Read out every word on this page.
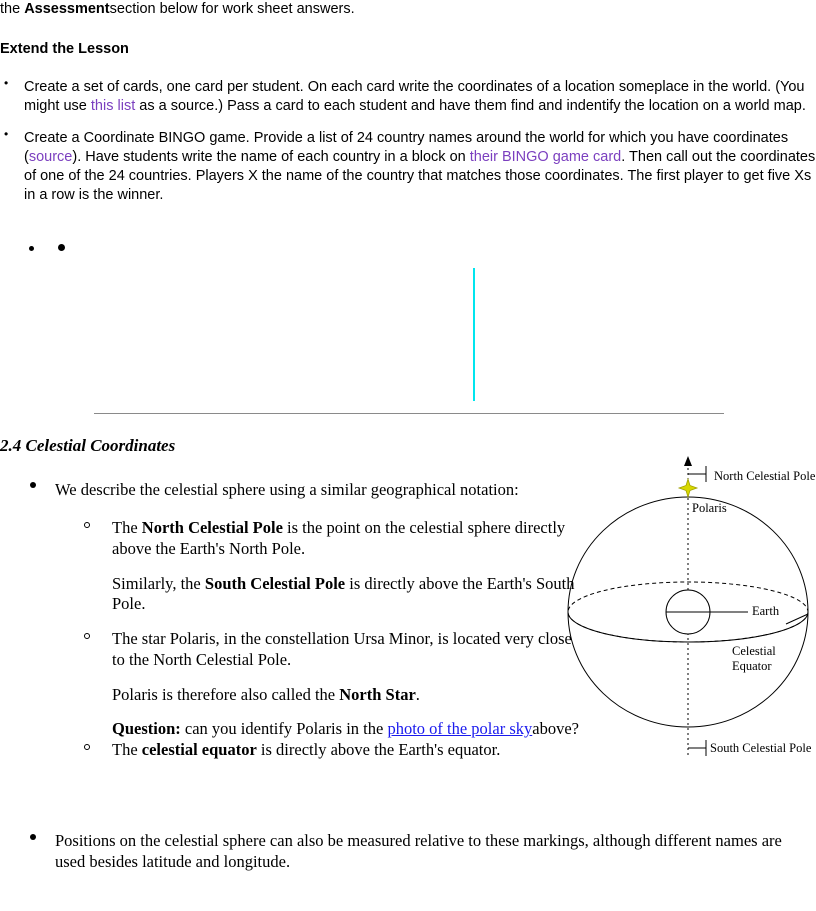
the Assessmentsection below for work sheet answers.
Extend the Lesson
• Create a set of cards, one card per student. On each card write the coordinates of a location someplace in the world. (You might use this list as a source.) Pass a card to each student and have them find and indentify the location on a world map.
• Create a Coordinate BINGO game. Provide a list of 24 country names around the world for which you have coordinates (source). Have students write the name of each country in a block on their BINGO game card. Then call out the coordinates of one of the 24 countries. Players X the name of the country that matches those coordinates. The first player to get five Xs in a row is the winner.
2.4 Celestial Coordinates
We describe the celestial sphere using a similar geographical notation:
The North Celestial Pole is the point on the celestial sphere directly above the Earth's North Pole.
Similarly, the South Celestial Pole is directly above the Earth's South Pole.
The star Polaris, in the constellation Ursa Minor, is located very close to the North Celestial Pole.
Polaris is therefore also called the North Star.
Question: can you identify Polaris in the photo of the polar skyabove?
The celestial equator is directly above the Earth's equator.
Positions on the celestial sphere can also be measured relative to these markings, although different names are used besides latitude and longitude.
North Celestial Pole
Polaris
Earth
Celestial
Equator
South Celestial Pole
